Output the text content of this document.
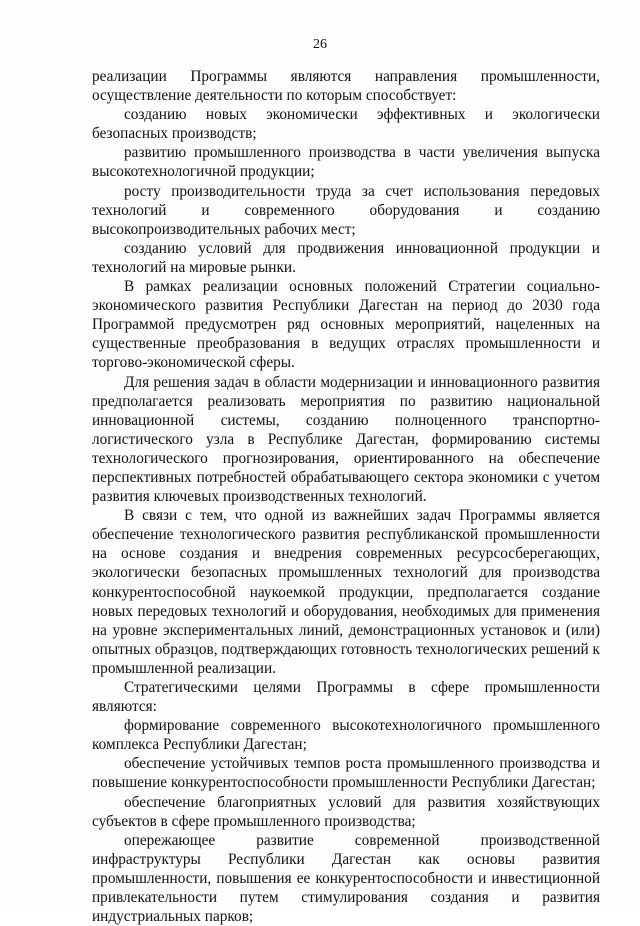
26

реализации Программы являются направления промышленности, осуществление деятельности по которым способствует:

созданию новых экономически эффективных и экологически безопасных производств;

развитию промышленного производства в части увеличения выпуска высокотехнологичной продукции;

росту производительности труда за счет использования передовых технологий и современного оборудования и созданию высокопроизводительных рабочих мест;

созданию условий для продвижения инновационной продукции и технологий на мировые рынки.

В рамках реализации основных положений Стратегии социально-экономического развития Республики Дагестан на период до 2030 года Программой предусмотрен ряд основных мероприятий, нацеленных на существенные преобразования в ведущих отраслях промышленности и торгово-экономической сферы.

Для решения задач в области модернизации и инновационного развития предполагается реализовать мероприятия по развитию национальной инновационной системы, созданию полноценного транспортно-логистического узла в Республике Дагестан, формированию системы технологического прогнозирования, ориентированного на обеспечение перспективных потребностей обрабатывающего сектора экономики с учетом развития ключевых производственных технологий.

В связи с тем, что одной из важнейших задач Программы является обеспечение технологического развития республиканской промышленности на основе создания и внедрения современных ресурсосберегающих, экологически безопасных промышленных технологий для производства конкурентоспособной наукоемкой продукции, предполагается создание новых передовых технологий и оборудования, необходимых для применения на уровне экспериментальных линий, демонстрационных установок и (или) опытных образцов, подтверждающих готовность технологических решений к промышленной реализации.

Стратегическими целями Программы в сфере промышленности являются:

формирование современного высокотехнологичного промышленного комплекса Республики Дагестан;

обеспечение устойчивых темпов роста промышленного производства и повышение конкурентоспособности промышленности Республики Дагестан;

обеспечение благоприятных условий для развития хозяйствующих субъектов в сфере промышленного производства;

опережающее развитие современной производственной инфраструктуры Республики Дагестан как основы развития промышленности, повышения ее конкурентоспособности и инвестиционной привлекательности путем стимулирования создания и развития индустриальных парков;
